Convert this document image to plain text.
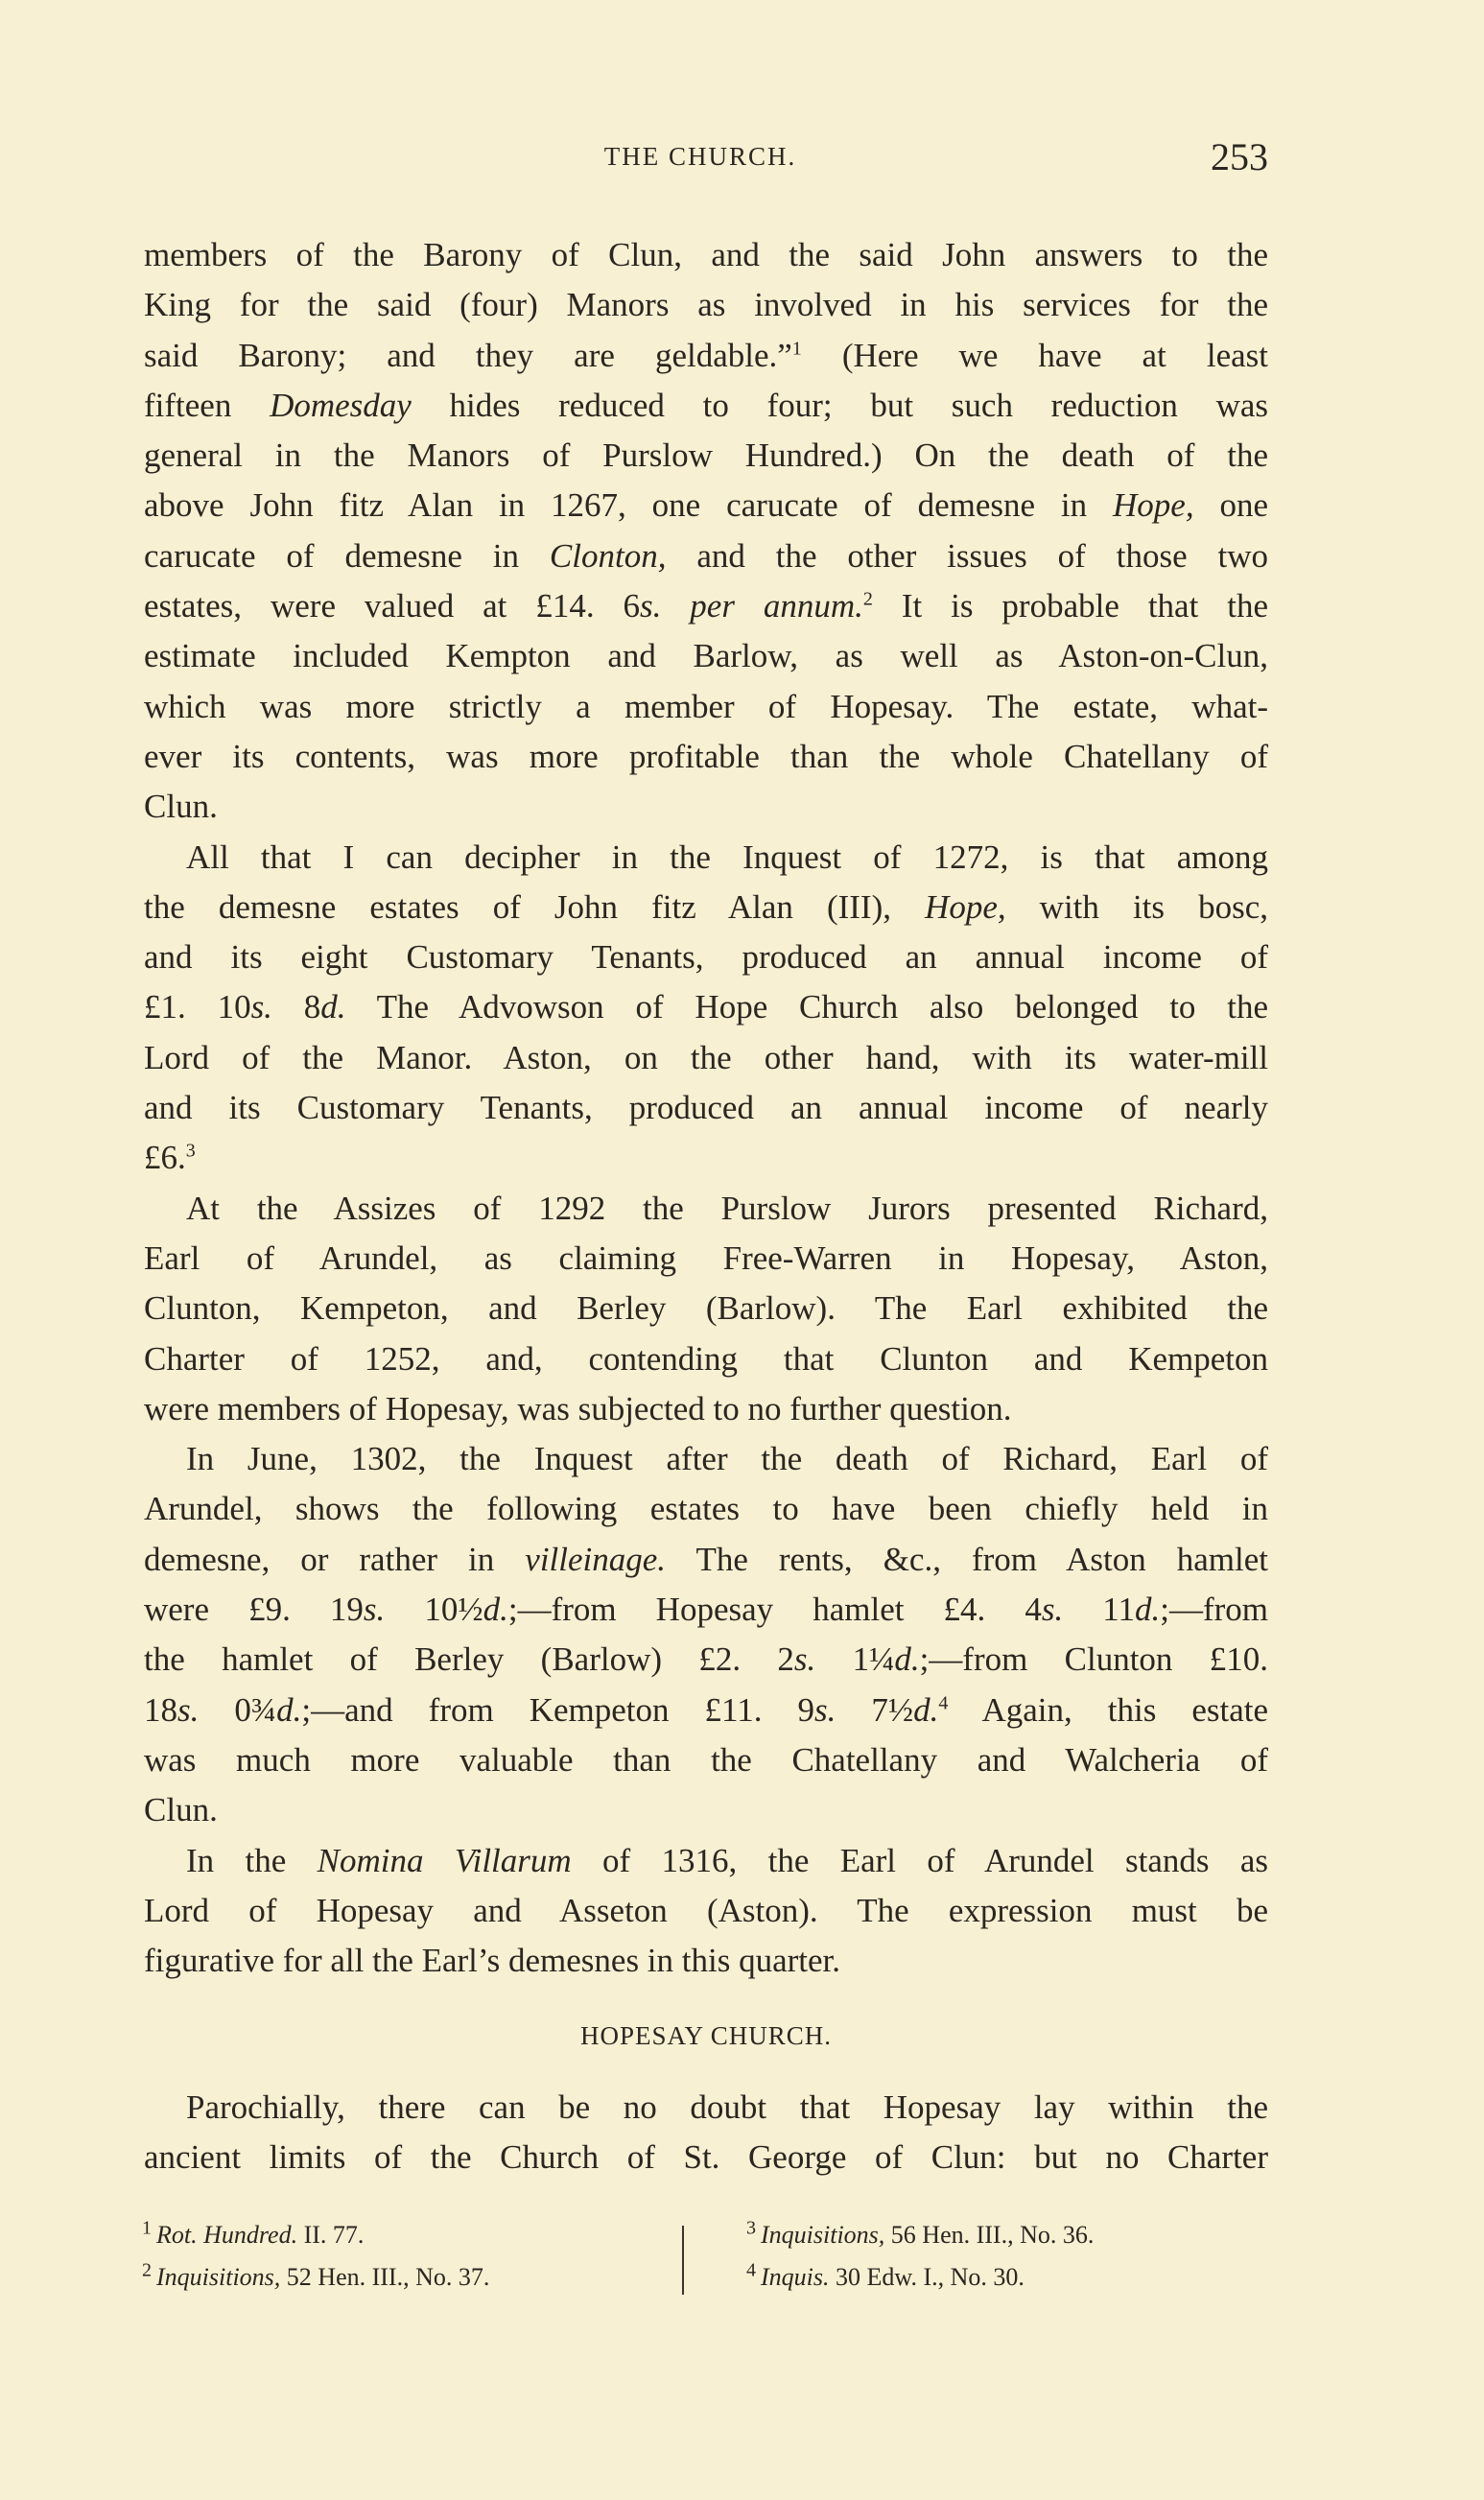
THE CHURCH.	253
members of the Barony of Clun, and the said John answers to the
King for the said (four) Manors as involved in his services for the
said Barony; and they are geldable.”$^1$ (Here we have at least
fifteen Domesday hides reduced to four; but such reduction was
general in the Manors of Purslow Hundred.) On the death of the
above John fitz Alan in 1267, one carucate of demesne in Hope, one
carucate of demesne in Clonton, and the other issues of those two
estates, were valued at £14. 6s. per annum.$^2$ It is probable that the
estimate included Kempton and Barlow, as well as Aston-on-Clun,
which was more strictly a member of Hopesay. The estate, what-
ever its contents, was more profitable than the whole Chatellany of
Clun.
All that I can decipher in the Inquest of 1272, is that among
the demesne estates of John fitz Alan (III), Hope, with its bosc,
and its eight Customary Tenants, produced an annual income of
£1. 10s. 8d. The Advowson of Hope Church also belonged to the
Lord of the Manor. Aston, on the other hand, with its water-mill
and its Customary Tenants, produced an annual income of nearly
£6.$^3$
At the Assizes of 1292 the Purslow Jurors presented Richard,
Earl of Arundel, as claiming Free-Warren in Hopesay, Aston,
Clunton, Kempeton, and Berley (Barlow). The Earl exhibited the
Charter of 1252, and, contending that Clunton and Kempeton
were members of Hopesay, was subjected to no further question.
In June, 1302, the Inquest after the death of Richard, Earl of
Arundel, shows the following estates to have been chiefly held in
demesne, or rather in villeinage. The rents, &c., from Aston hamlet
were £9. 19s. 10½d.;—from Hopesay hamlet £4. 4s. 11d.;—from
the hamlet of Berley (Barlow) £2. 2s. 1¼d.;—from Clunton £10.
18s. 0¾d.;—and from Kempeton £11. 9s. 7½d.$^4$ Again, this estate
was much more valuable than the Chatellany and Walcheria of
Clun.
In the Nomina Villarum of 1316, the Earl of Arundel stands as
Lord of Hopesay and Asseton (Aston). The expression must be
figurative for all the Earl’s demesnes in this quarter.
HOPESAY CHURCH.
Parochially, there can be no doubt that Hopesay lay within the
ancient limits of the Church of St. George of Clun: but no Charter
$^1$ Rot. Hundred. II. 77.
$^2$ Inquisitions, 52 Hen. III., No. 37.
$^3$ Inquisitions, 56 Hen. III., No. 36.
$^4$ Inquis. 30 Edw. I., No. 30.
